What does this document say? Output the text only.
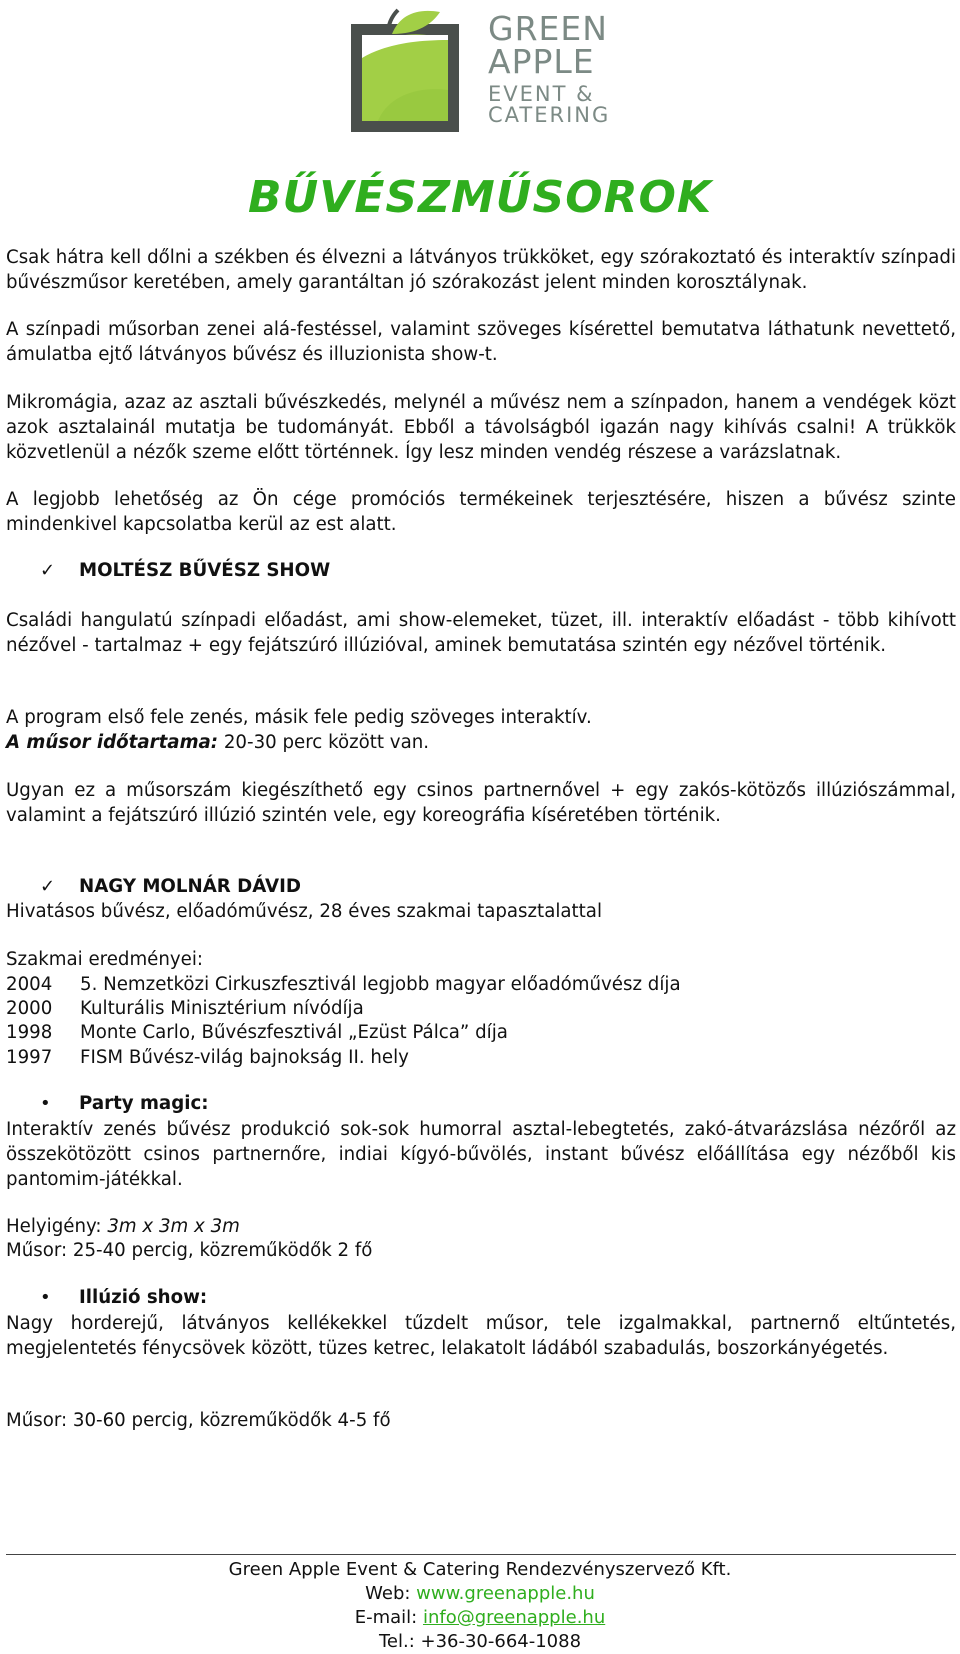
GREEN
APPLE
EVENT &
CATERING
BŰVÉSZMŰSOROK
Csak hátra kell dőlni a székben és élvezni a látványos trükköket, egy szórakoztató és interaktív színpadi bűvészműsor keretében, amely garantáltan jó szórakozást jelent minden korosztálynak.
A színpadi műsorban zenei alá-festéssel, valamint szöveges kísérettel bemutatva láthatunk nevettető, ámulatba ejtő látványos bűvész és illuzionista show-t.
Mikromágia, azaz az asztali bűvészkedés, melynél a művész nem a színpadon, hanem a vendégek közt azok asztalainál mutatja be tudományát. Ebből a távolságból igazán nagy kihívás csalni! A trükkök közvetlenül a nézők szeme előtt történnek. Így lesz minden vendég részese a varázslatnak.
A legjobb lehetőség az Ön cége promóciós termékeinek terjesztésére, hiszen a bűvész szinte mindenkivel kapcsolatba kerül az est alatt.
✓ MOLTÉSZ BŰVÉSZ SHOW
Családi hangulatú színpadi előadást, ami show-elemeket, tüzet, ill. interaktív előadást - több kihívott nézővel - tartalmaz + egy fejátszúró illúzióval, aminek bemutatása szintén egy nézővel történik.
A program első fele zenés, másik fele pedig szöveges interaktív.
A műsor időtartama: 20-30 perc között van.
Ugyan ez a műsorszám kiegészíthető egy csinos partnernővel + egy zakós-kötözős illúziószámmal, valamint a fejátszúró illúzió szintén vele, egy koreográfia kíséretében történik.
✓ NAGY MOLNÁR DÁVID
Hivatásos bűvész, előadóművész, 28 éves szakmai tapasztalattal
Szakmai eredményei:
2004 5. Nemzetközi Cirkuszfesztivál legjobb magyar előadóművész díja
2000 Kulturális Minisztérium nívódíja
1998 Monte Carlo, Bűvészfesztivál „Ezüst Pálca” díja
1997 FISM Bűvész-világ bajnokság II. hely
• Party magic:
Interaktív zenés bűvész produkció sok-sok humorral asztal-lebegtetés, zakó-átvarázslása nézőről az összekötözött csinos partnernőre, indiai kígyó-bűvölés, instant bűvész előállítása egy nézőből kis pantomim-játékkal.
Helyigény: 3m x 3m x 3m
Műsor: 25-40 percig, közreműködők 2 fő
• Illúzió show:
Nagy horderejű, látványos kellékekkel tűzdelt műsor, tele izgalmakkal, partnernő eltűntetés, megjelentetés fénycsövek között, tüzes ketrec, lelakatolt ládából szabadulás, boszorkányégetés.
Műsor: 30-60 percig, közreműködők 4-5 fő
Green Apple Event & Catering Rendezvényszervező Kft.
Web: www.greenapple.hu
E-mail: info@greenapple.hu
Tel.: +36-30-664-1088
